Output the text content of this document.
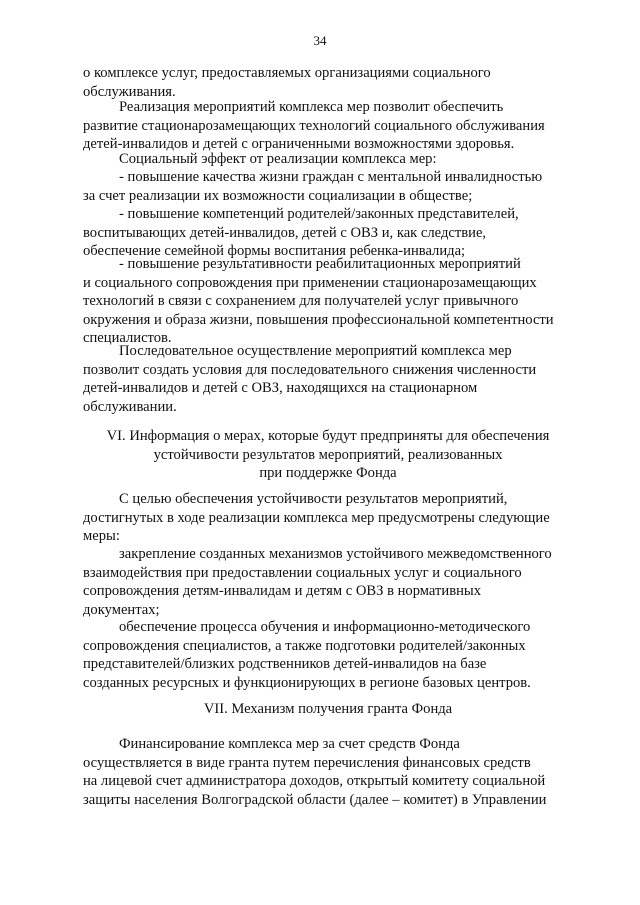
34
о комплексе услуг, предоставляемых организациями социального
обслуживания.
Реализация мероприятий комплекса мер позволит обеспечить
развитие стационарозамещающих технологий социального обслуживания
детей-инвалидов и детей с ограниченными возможностями здоровья.
Социальный эффект от реализации комплекса мер:
- повышение качества жизни граждан с ментальной инвалидностью
за счет реализации их возможности социализации в обществе;
- повышение компетенций родителей/законных представителей,
воспитывающих детей-инвалидов, детей с ОВЗ и, как следствие,
обеспечение семейной формы воспитания ребенка-инвалида;
- повышение результативности реабилитационных мероприятий
и социального сопровождения при применении стационарозамещающих
технологий в связи с сохранением для получателей услуг привычного
окружения и образа жизни, повышения профессиональной компетентности
специалистов.
Последовательное осуществление мероприятий комплекса мер
позволит создать условия для последовательного снижения численности
детей-инвалидов и детей с ОВЗ, находящихся на стационарном
обслуживании.
VI. Информация о мерах, которые будут предприняты для обеспечения
устойчивости результатов мероприятий, реализованных
при поддержке Фонда
С целью обеспечения устойчивости результатов мероприятий,
достигнутых в ходе реализации комплекса мер предусмотрены следующие
меры:
закрепление созданных механизмов устойчивого межведомственного
взаимодействия при предоставлении социальных услуг и социального
сопровождения детям-инвалидам и детям с ОВЗ в нормативных
документах;
обеспечение процесса обучения и информационно-методического
сопровождения специалистов, а также подготовки родителей/законных
представителей/близких родственников детей-инвалидов на базе
созданных ресурсных и функционирующих в регионе базовых центров.
VII. Механизм получения гранта Фонда
Финансирование комплекса мер за счет средств Фонда
осуществляется в виде гранта путем перечисления финансовых средств
на лицевой счет администратора доходов, открытый комитету социальной
защиты населения Волгоградской области (далее – комитет) в Управлении
